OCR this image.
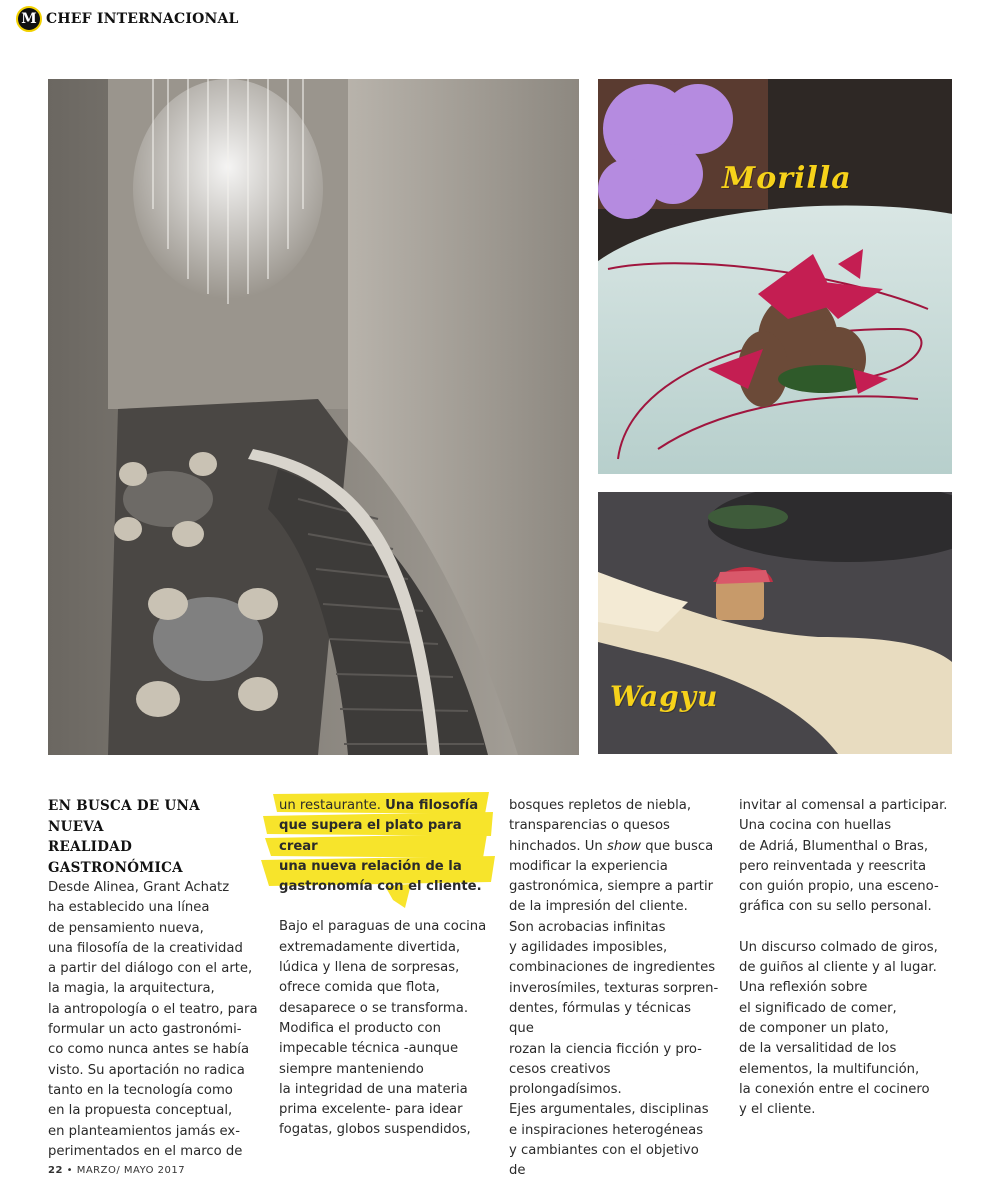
M CHEF INTERNACIONAL
Morilla
Wagyu

EN BUSCA DE UNA NUEVA
REALIDAD GASTRONÓMICA

Desde Alinea, Grant Achatz
ha establecido una línea
de pensamiento nueva,
una filosofía de la creatividad
a partir del diálogo con el arte,
la magia, la arquitectura,
la antropología o el teatro, para
formular un acto gastronómi-
co como nunca antes se había
visto. Su aportación no radica
tanto en la tecnología como
en la propuesta conceptual,
en planteamientos jamás ex-
perimentados en el marco de

un restaurante. Una filosofía
que supera el plato para crear
una nueva relación de la
gastronomía con el cliente.

Bajo el paraguas de una cocina
extremadamente divertida,
lúdica y llena de sorpresas,
ofrece comida que flota,
desaparece o se transforma.
Modifica el producto con
impecable técnica -aunque
siempre manteniendo
la integridad de una materia
prima excelente- para idear
fogatas, globos suspendidos,

bosques repletos de niebla,
transparencias o quesos
hinchados. Un show que busca
modificar la experiencia
gastronómica, siempre a partir
de la impresión del cliente.
Son acrobacias infinitas
y agilidades imposibles,
combinaciones de ingredientes
inverosímiles, texturas sorpren-
dentes, fórmulas y técnicas que
rozan la ciencia ficción y pro-
cesos creativos prolongadísimos.
Ejes argumentales, disciplinas
e inspiraciones heterogéneas
y cambiantes con el objetivo de

invitar al comensal a participar.
Una cocina con huellas
de Adriá, Blumenthal o Bras,
pero reinventada y reescrita
con guión propio, una esceno-
gráfica con su sello personal.

Un discurso colmado de giros,
de guiños al cliente y al lugar.
Una reflexión sobre
el significado de comer,
de componer un plato,
de la versalitidad de los
elementos, la multifunción,
la conexión entre el cocinero
y el cliente.

22 • MARZO/ MAYO 2017
